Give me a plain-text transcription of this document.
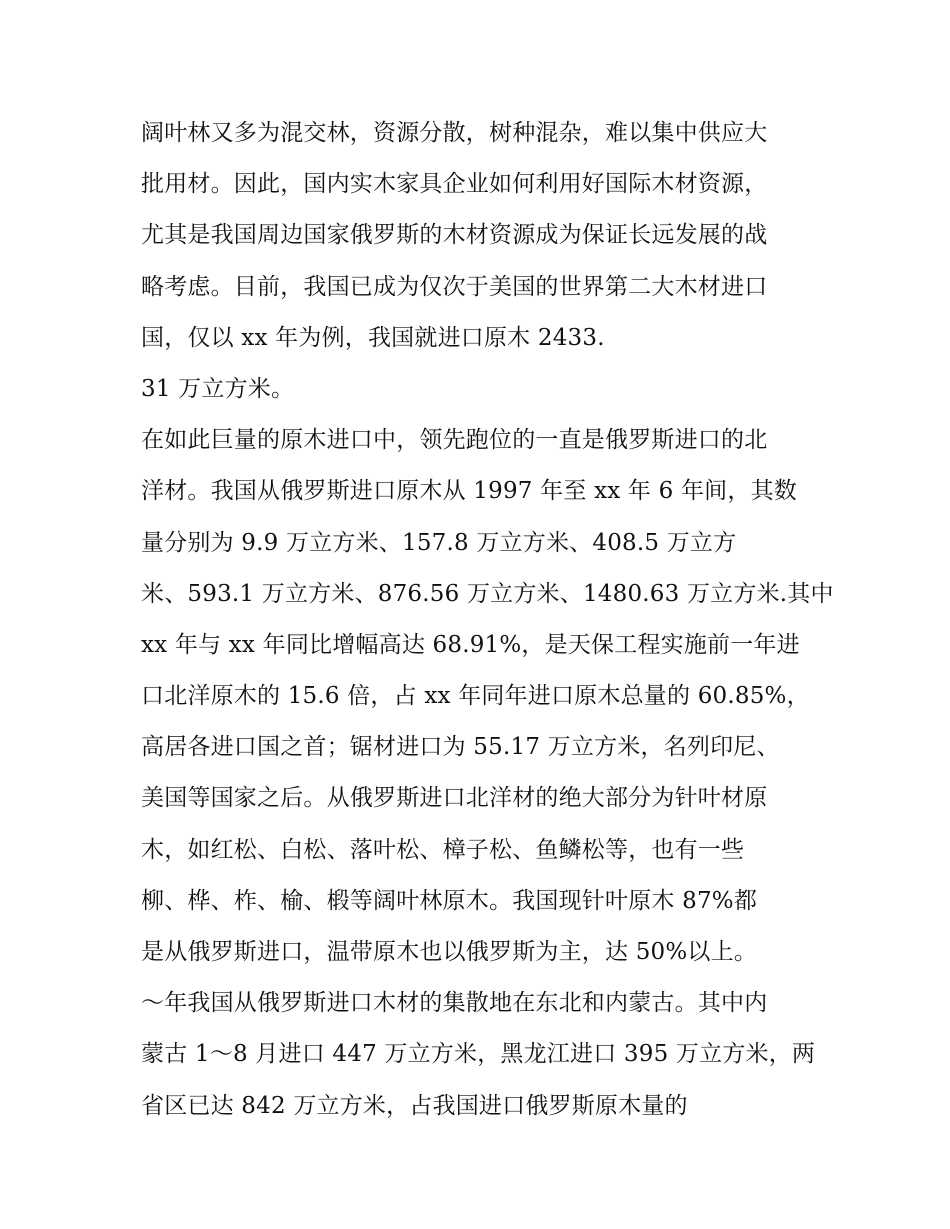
阔叶林又多为混交林，资源分散，树种混杂，难以集中供应大
批用材。因此，国内实木家具企业如何利用好国际木材资源，
尤其是我国周边国家俄罗斯的木材资源成为保证长远发展的战
略考虑。目前，我国已成为仅次于美国的世界第二大木材进口
国，仅以 xx 年为例，我国就进口原木 2433.
31 万立方米。
在如此巨量的原木进口中，领先跑位的一直是俄罗斯进口的北
洋材。我国从俄罗斯进口原木从 1997 年至 xx 年 6 年间，其数
量分别为 9.9 万立方米、157.8 万立方米、408.5 万立方
米、593.1 万立方米、876.56 万立方米、1480.63 万立方米.其中
xx 年与 xx 年同比增幅高达 68.91%，是天保工程实施前一年进
口北洋原木的 15.6 倍，占 xx 年同年进口原木总量的 60.85%，
高居各进口国之首；锯材进口为 55.17 万立方米，名列印尼、
美国等国家之后。从俄罗斯进口北洋材的绝大部分为针叶材原
木，如红松、白松、落叶松、樟子松、鱼鳞松等，也有一些
柳、桦、柞、榆、椴等阔叶林原木。我国现针叶原木 87%都
是从俄罗斯进口，温带原木也以俄罗斯为主，达 50%以上。
～年我国从俄罗斯进口木材的集散地在东北和内蒙古。其中内
蒙古 1～8 月进口 447 万立方米，黑龙江进口 395 万立方米，两
省区已达 842 万立方米，占我国进口俄罗斯原木量的
